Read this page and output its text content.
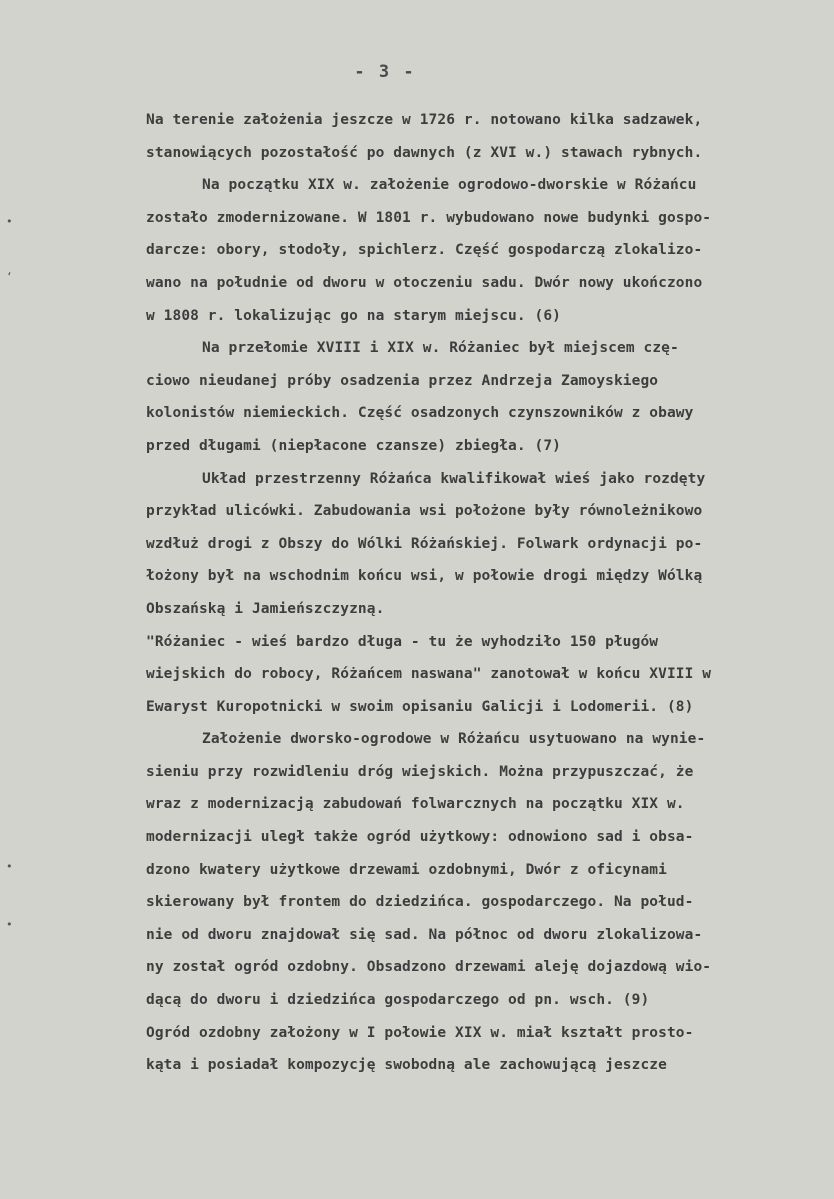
- 3 -
•
‘
•
•
Na terenie założenia jeszcze w 1726 r. notowano kilka sadzawek,
stanowiących pozostałość po dawnych (z XVI w.) stawach rybnych.
Na początku XIX w. założenie ogrodowo-dworskie w Różańcu
zostało zmodernizowane. W 1801 r. wybudowano nowe budynki gospo-
darcze: obory, stodoły, spichlerz. Część gospodarczą zlokalizo-
wano na południe od dworu w otoczeniu sadu. Dwór nowy ukończono
w 1808 r. lokalizując go na starym miejscu. (6)
Na przełomie XVIII i XIX w. Różaniec był miejscem czę-
ciowo nieudanej próby osadzenia przez Andrzeja Zamoyskiego
kolonistów niemieckich. Część osadzonych czynszowników z obawy
przed długami (niepłacone czansze) zbiegła. (7)
Układ przestrzenny Różańca kwalifikował wieś jako rozdęty
przykład ulicówki. Zabudowania wsi położone były równoleżnikowo
wzdłuż drogi z Obszy do Wólki Różańskiej. Folwark ordynacji po-
łożony był na wschodnim końcu wsi, w połowie drogi między Wólką
Obszańską i Jamieńszczyzną.
"Różaniec - wieś bardzo długa - tu że wyhodziło 150 pługów
wiejskich do robocy, Różańcem naswana" zanotował w końcu XVIII w
Ewaryst Kuropotnicki w swoim opisaniu Galicji i Lodomerii. (8)
Założenie dworsko-ogrodowe w Różańcu usytuowano na wynie-
sieniu przy rozwidleniu dróg wiejskich. Można przypuszczać, że
wraz z modernizacją zabudowań folwarcznych na początku XIX w.
modernizacji uległ także ogród użytkowy: odnowiono sad i obsa-
dzono kwatery użytkowe drzewami ozdobnymi, Dwór z oficynami
skierowany był frontem do dziedzińca. gospodarczego. Na połud-
nie od dworu znajdował się sad. Na północ od dworu zlokalizowa-
ny został ogród ozdobny. Obsadzono drzewami aleję dojazdową wio-
dącą do dworu i dziedzińca gospodarczego od pn. wsch. (9)
Ogród ozdobny założony w I połowie XIX w. miał kształt prosto-
kąta i posiadał kompozycję swobodną ale zachowującą jeszcze
